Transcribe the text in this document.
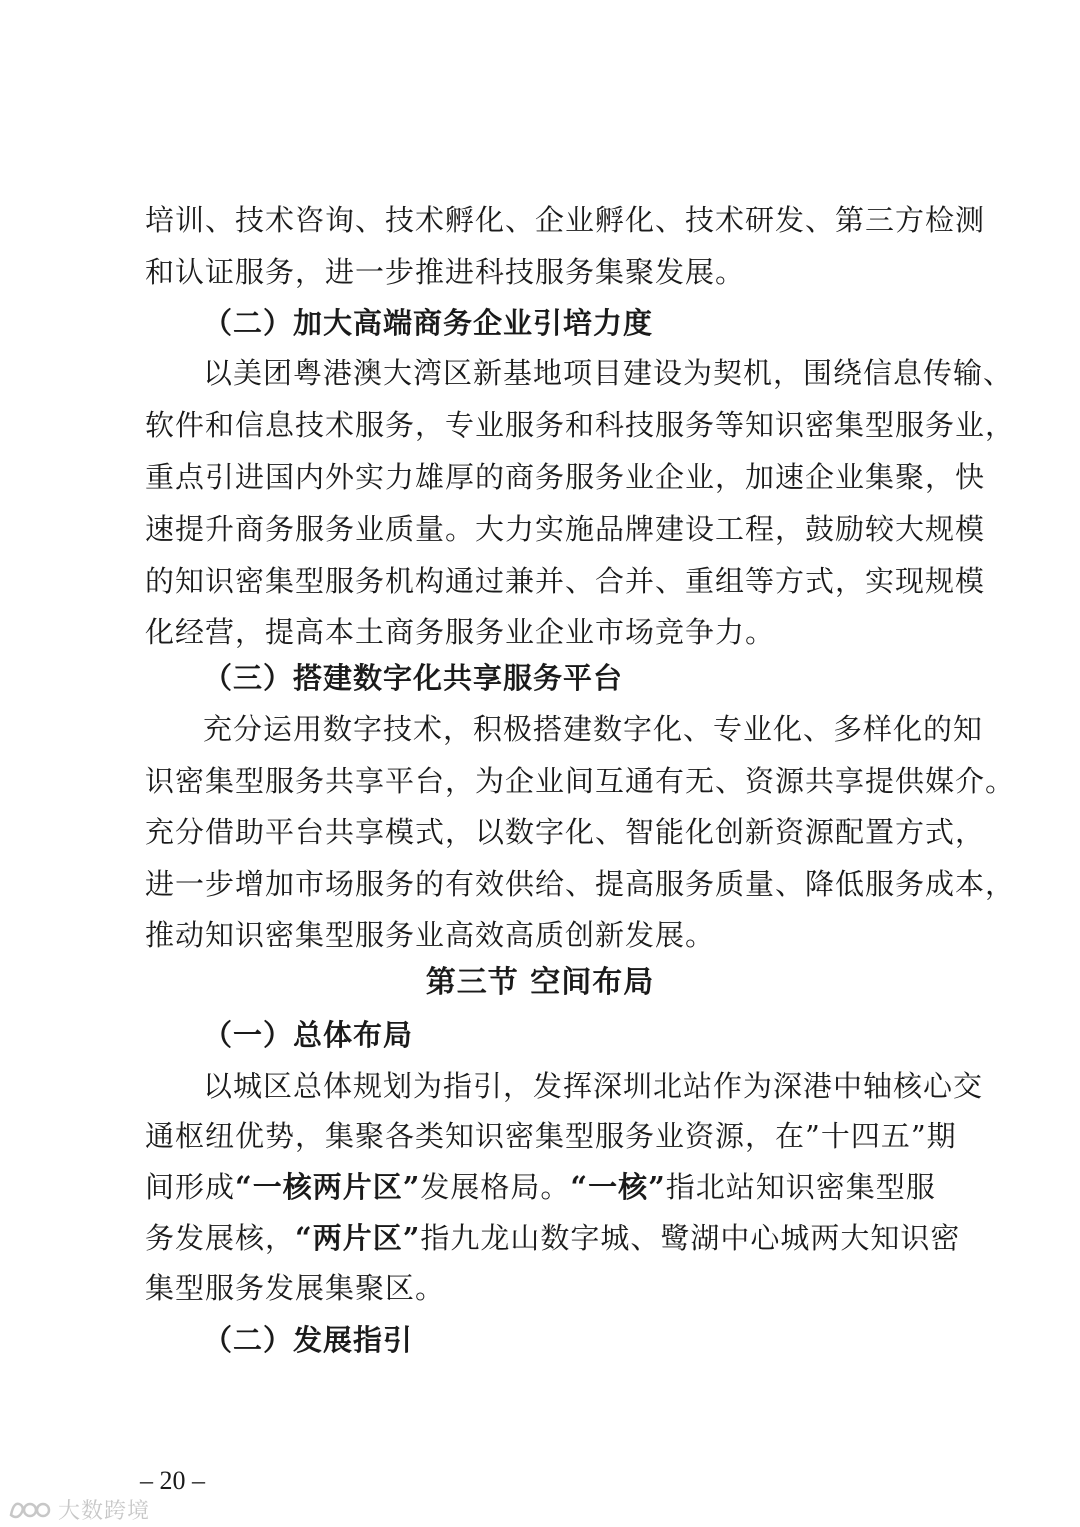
培训、技术咨询、技术孵化、企业孵化、技术研发、第三方检测
和认证服务，进一步推进科技服务集聚发展。
（二）加大高端商务企业引培力度
以美团粤港澳大湾区新基地项目建设为契机，围绕信息传输、
软件和信息技术服务，专业服务和科技服务等知识密集型服务业，
重点引进国内外实力雄厚的商务服务业企业，加速企业集聚，快
速提升商务服务业质量。大力实施品牌建设工程，鼓励较大规模
的知识密集型服务机构通过兼并、合并、重组等方式，实现规模
化经营，提高本土商务服务业企业市场竞争力。
（三）搭建数字化共享服务平台
充分运用数字技术，积极搭建数字化、专业化、多样化的知
识密集型服务共享平台，为企业间互通有无、资源共享提供媒介。
充分借助平台共享模式，以数字化、智能化创新资源配置方式，
进一步增加市场服务的有效供给、提高服务质量、降低服务成本，
推动知识密集型服务业高效高质创新发展。
第三节 空间布局
（一）总体布局
以城区总体规划为指引，发挥深圳北站作为深港中轴核心交
通枢纽优势，集聚各类知识密集型服务业资源，在”十四五”期
间形成“一核两片区”发展格局。“一核”指北站知识密集型服
务发展核，“两片区”指九龙山数字城、鹭湖中心城两大知识密
集型服务发展集聚区。
（二）发展指引
– 20 –
大数跨境
